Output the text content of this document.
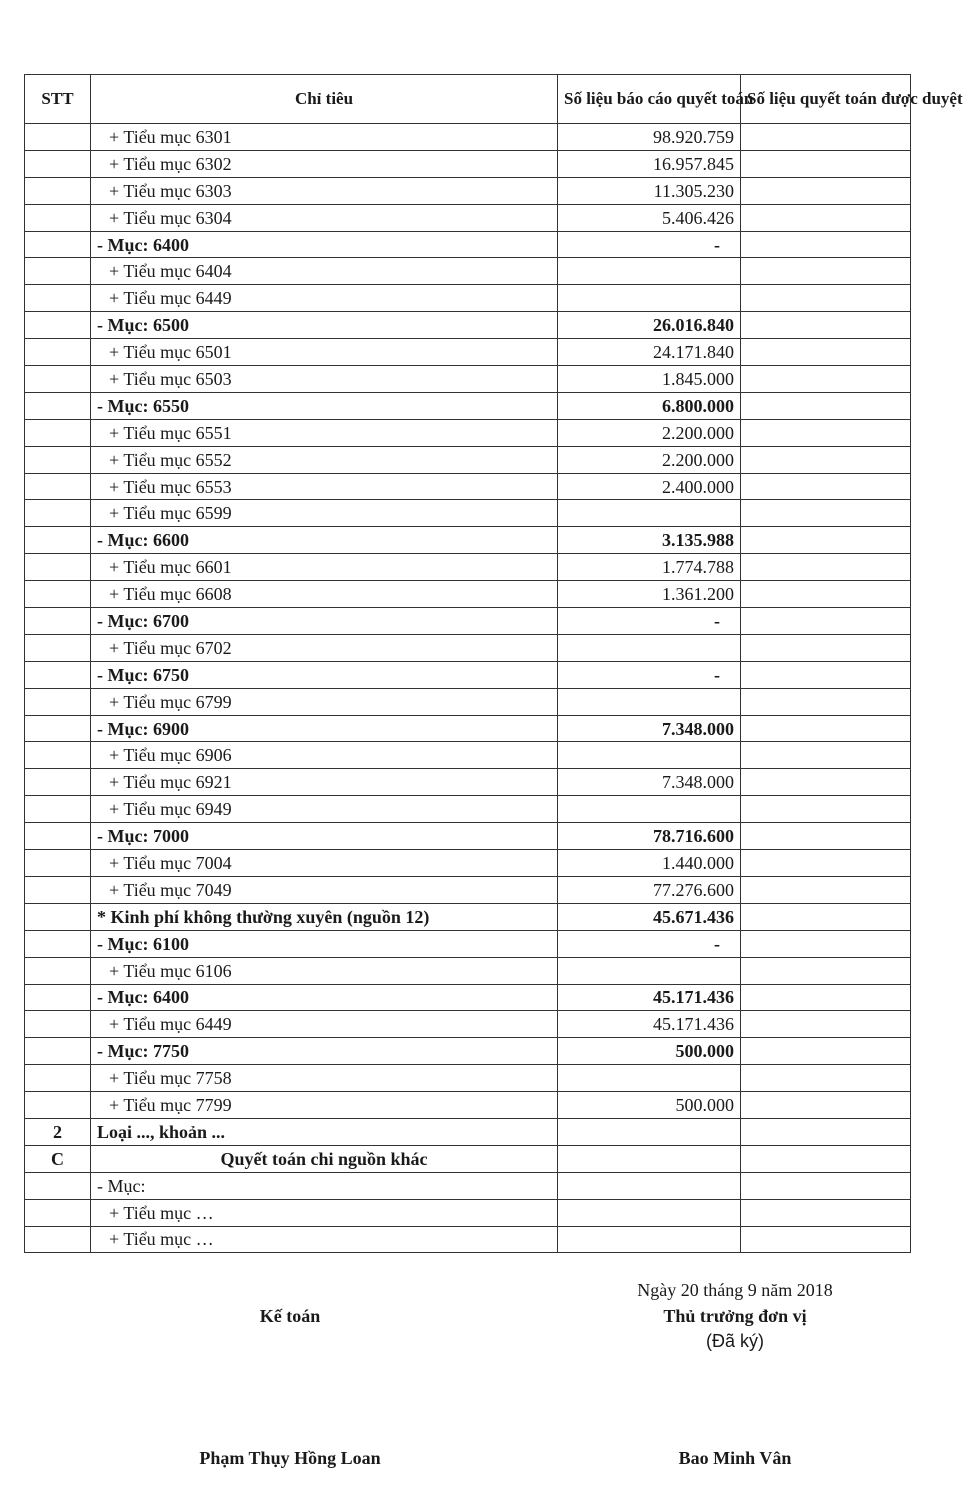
STT	Chỉ tiêu	Số liệu báo cáo quyết toán	Số liệu quyết toán được duyệt
	+ Tiểu mục 6301	98.920.759	
	+ Tiểu mục 6302	16.957.845	
	+ Tiểu mục 6303	11.305.230	
	+ Tiểu mục 6304	5.406.426	
	- Mục: 6400	-	
	+ Tiểu mục 6404		
	+ Tiểu mục 6449		
	- Mục: 6500	26.016.840	
	+ Tiểu mục 6501	24.171.840	
	+ Tiểu mục 6503	1.845.000	
	- Mục: 6550	6.800.000	
	+ Tiểu mục 6551	2.200.000	
	+ Tiểu mục 6552	2.200.000	
	+ Tiểu mục 6553	2.400.000	
	+ Tiểu mục 6599		
	- Mục: 6600	3.135.988	
	+ Tiểu mục 6601	1.774.788	
	+ Tiểu mục 6608	1.361.200	
	- Mục: 6700	-	
	+ Tiểu mục 6702		
	- Mục: 6750	-	
	+ Tiểu mục 6799		
	- Mục: 6900	7.348.000	
	+ Tiểu mục 6906		
	+ Tiểu mục 6921	7.348.000	
	+ Tiểu mục 6949		
	- Mục: 7000	78.716.600	
	+ Tiểu mục 7004	1.440.000	
	+ Tiểu mục 7049	77.276.600	
	* Kinh phí không thường xuyên (nguồn 12)	45.671.436	
	- Mục: 6100	-	
	+ Tiểu mục 6106		
	- Mục: 6400	45.171.436	
	+ Tiểu mục 6449	45.171.436	
	- Mục: 7750	500.000	
	+ Tiểu mục 7758		
	+ Tiểu mục 7799	500.000	
2	Loại ..., khoản ...		
C	Quyết toán chi nguồn khác		
	- Mục:		
	+ Tiểu mục …		
	+ Tiểu mục …		
Ngày 20 tháng 9 năm 2018
Kế toán	Thủ trưởng đơn vị
(Đã ký)
Phạm Thụy Hồng Loan	Bao Minh Vân
